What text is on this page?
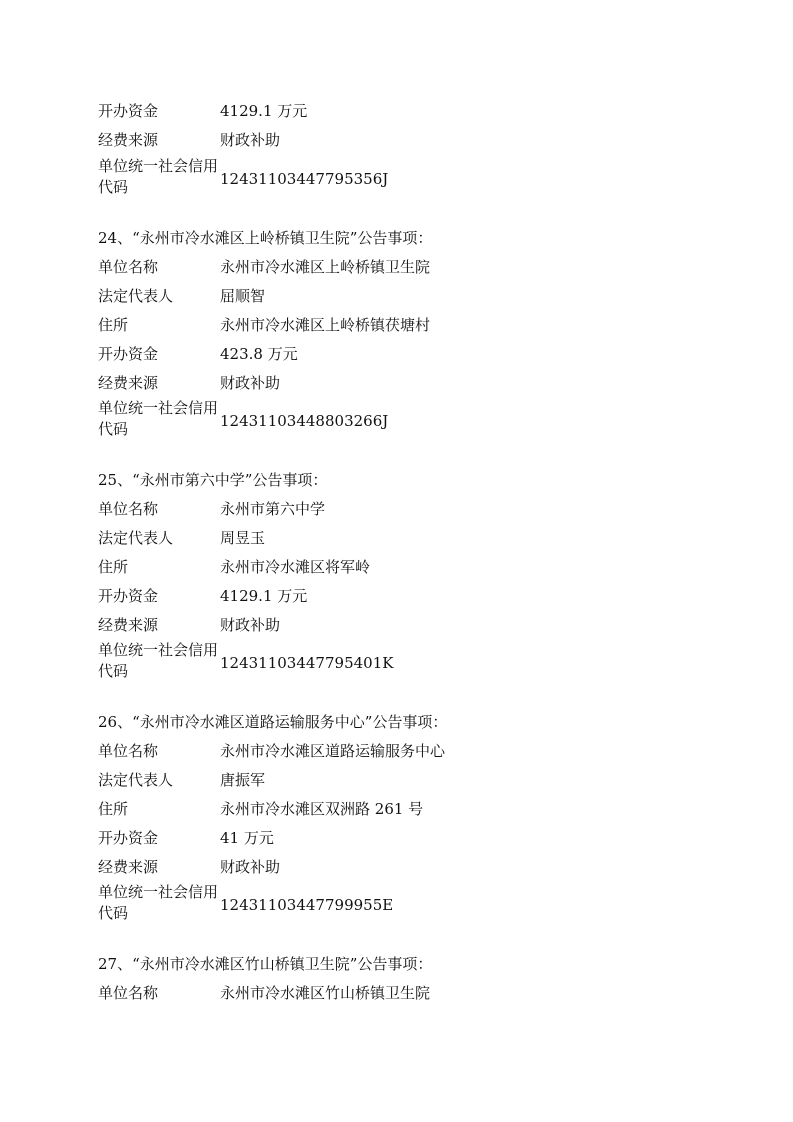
开办资金	4129.1 万元
经费来源	财政补助
单位统一社会信用代码	12431103447795356J
24、“永州市冷水滩区上岭桥镇卫生院”公告事项：
单位名称	永州市冷水滩区上岭桥镇卫生院
法定代表人	屈顺智
住所	永州市冷水滩区上岭桥镇茯塘村
开办资金	423.8 万元
经费来源	财政补助
单位统一社会信用代码	12431103448803266J
25、“永州市第六中学”公告事项：
单位名称	永州市第六中学
法定代表人	周昱玉
住所	永州市冷水滩区将军岭
开办资金	4129.1 万元
经费来源	财政补助
单位统一社会信用代码	12431103447795401K
26、“永州市冷水滩区道路运输服务中心”公告事项：
单位名称	永州市冷水滩区道路运输服务中心
法定代表人	唐振军
住所	永州市冷水滩区双洲路 261 号
开办资金	41 万元
经费来源	财政补助
单位统一社会信用代码	12431103447799955E
27、“永州市冷水滩区竹山桥镇卫生院”公告事项：
单位名称	永州市冷水滩区竹山桥镇卫生院
